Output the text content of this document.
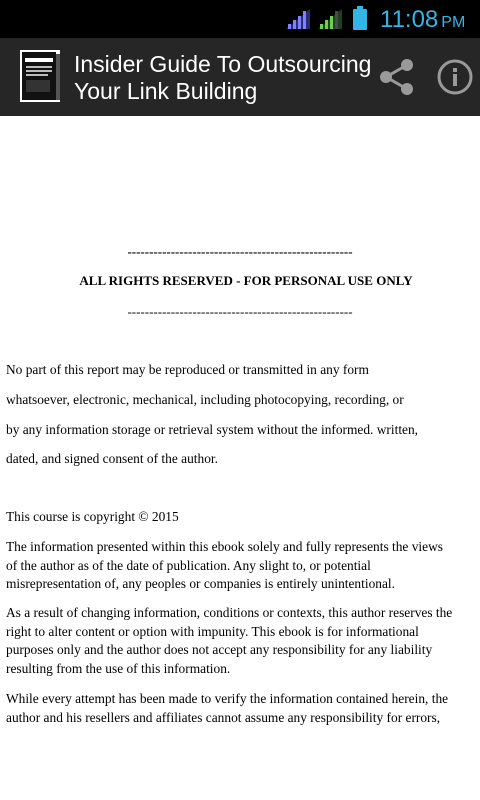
11:08 PM
Insider Guide To Outsourcing
Your Link Building
----------------------------------------------------
ALL RIGHTS RESERVED - FOR PERSONAL USE ONLY
----------------------------------------------------
No part of this report may be reproduced or transmitted in any form
whatsoever, electronic, mechanical, including photocopying, recording, or
by any information storage or retrieval system without the informed. written,
dated, and signed consent of the author.
This course is copyright © 2015
The information presented within this ebook solely and fully represents the views
of the author as of the date of publication. Any slight to, or potential
misrepresentation of, any peoples or companies is entirely unintentional.
As a result of changing information, conditions or contexts, this author reserves the
right to alter content or option with impunity. This ebook is for informational
purposes only and the author does not accept any responsibility for any liability
resulting from the use of this information.
While every attempt has been made to verify the information contained herein, the
author and his resellers and affiliates cannot assume any responsibility for errors,
